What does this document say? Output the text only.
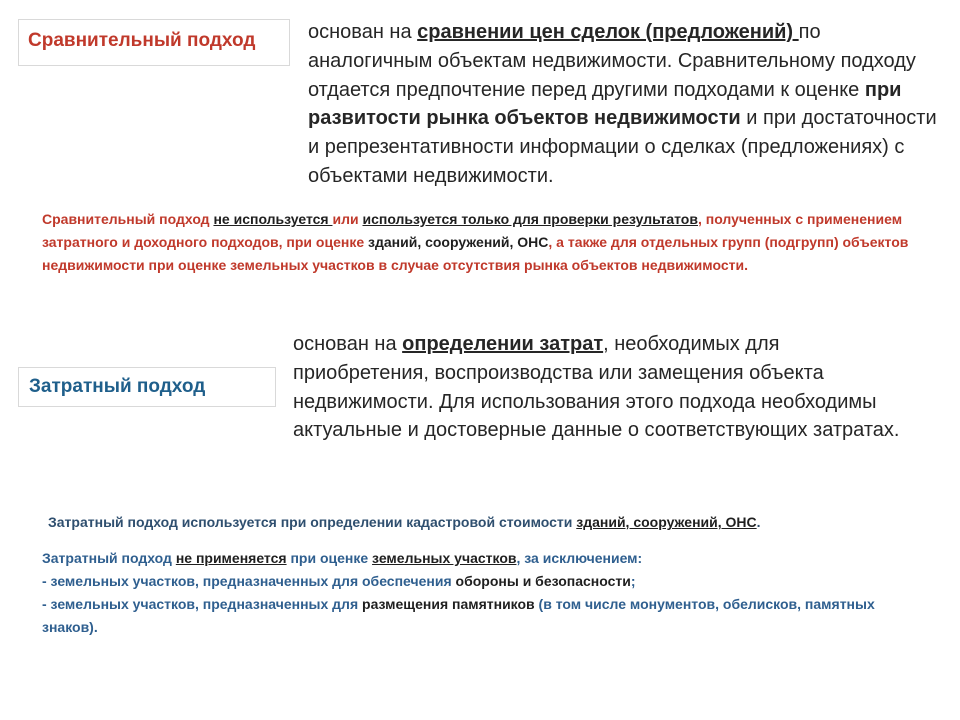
Сравнительный подход	основан на сравнении цен сделок (предложений) по аналогичным объектам недвижимости. Сравнительному подходу отдается предпочтение перед другими подходами к оценке при развитости рынка объектов недвижимости и при достаточности и репрезентативности информации о сделках (предложениях) с объектами недвижимости.

Сравнительный подход не используется или используется только для проверки результатов, полученных с применением затратного и доходного подходов, при оценке зданий, сооружений, ОНС, а также для отдельных групп (подгрупп) объектов недвижимости при оценке земельных участков в случае отсутствия рынка объектов недвижимости.

основан на определении затрат, необходимых для приобретения, воспроизводства или замещения объекта недвижимости. Для использования этого подхода необходимы актуальные и достоверные данные о соответствующих затратах.

Затратный подход

Затратный подход используется при определении кадастровой стоимости зданий, сооружений, ОНС.

Затратный подход не применяется при оценке земельных участков, за исключением:
- земельных участков, предназначенных для обеспечения обороны и безопасности;
- земельных участков, предназначенных для размещения памятников (в том числе монументов, обелисков, памятных знаков).
